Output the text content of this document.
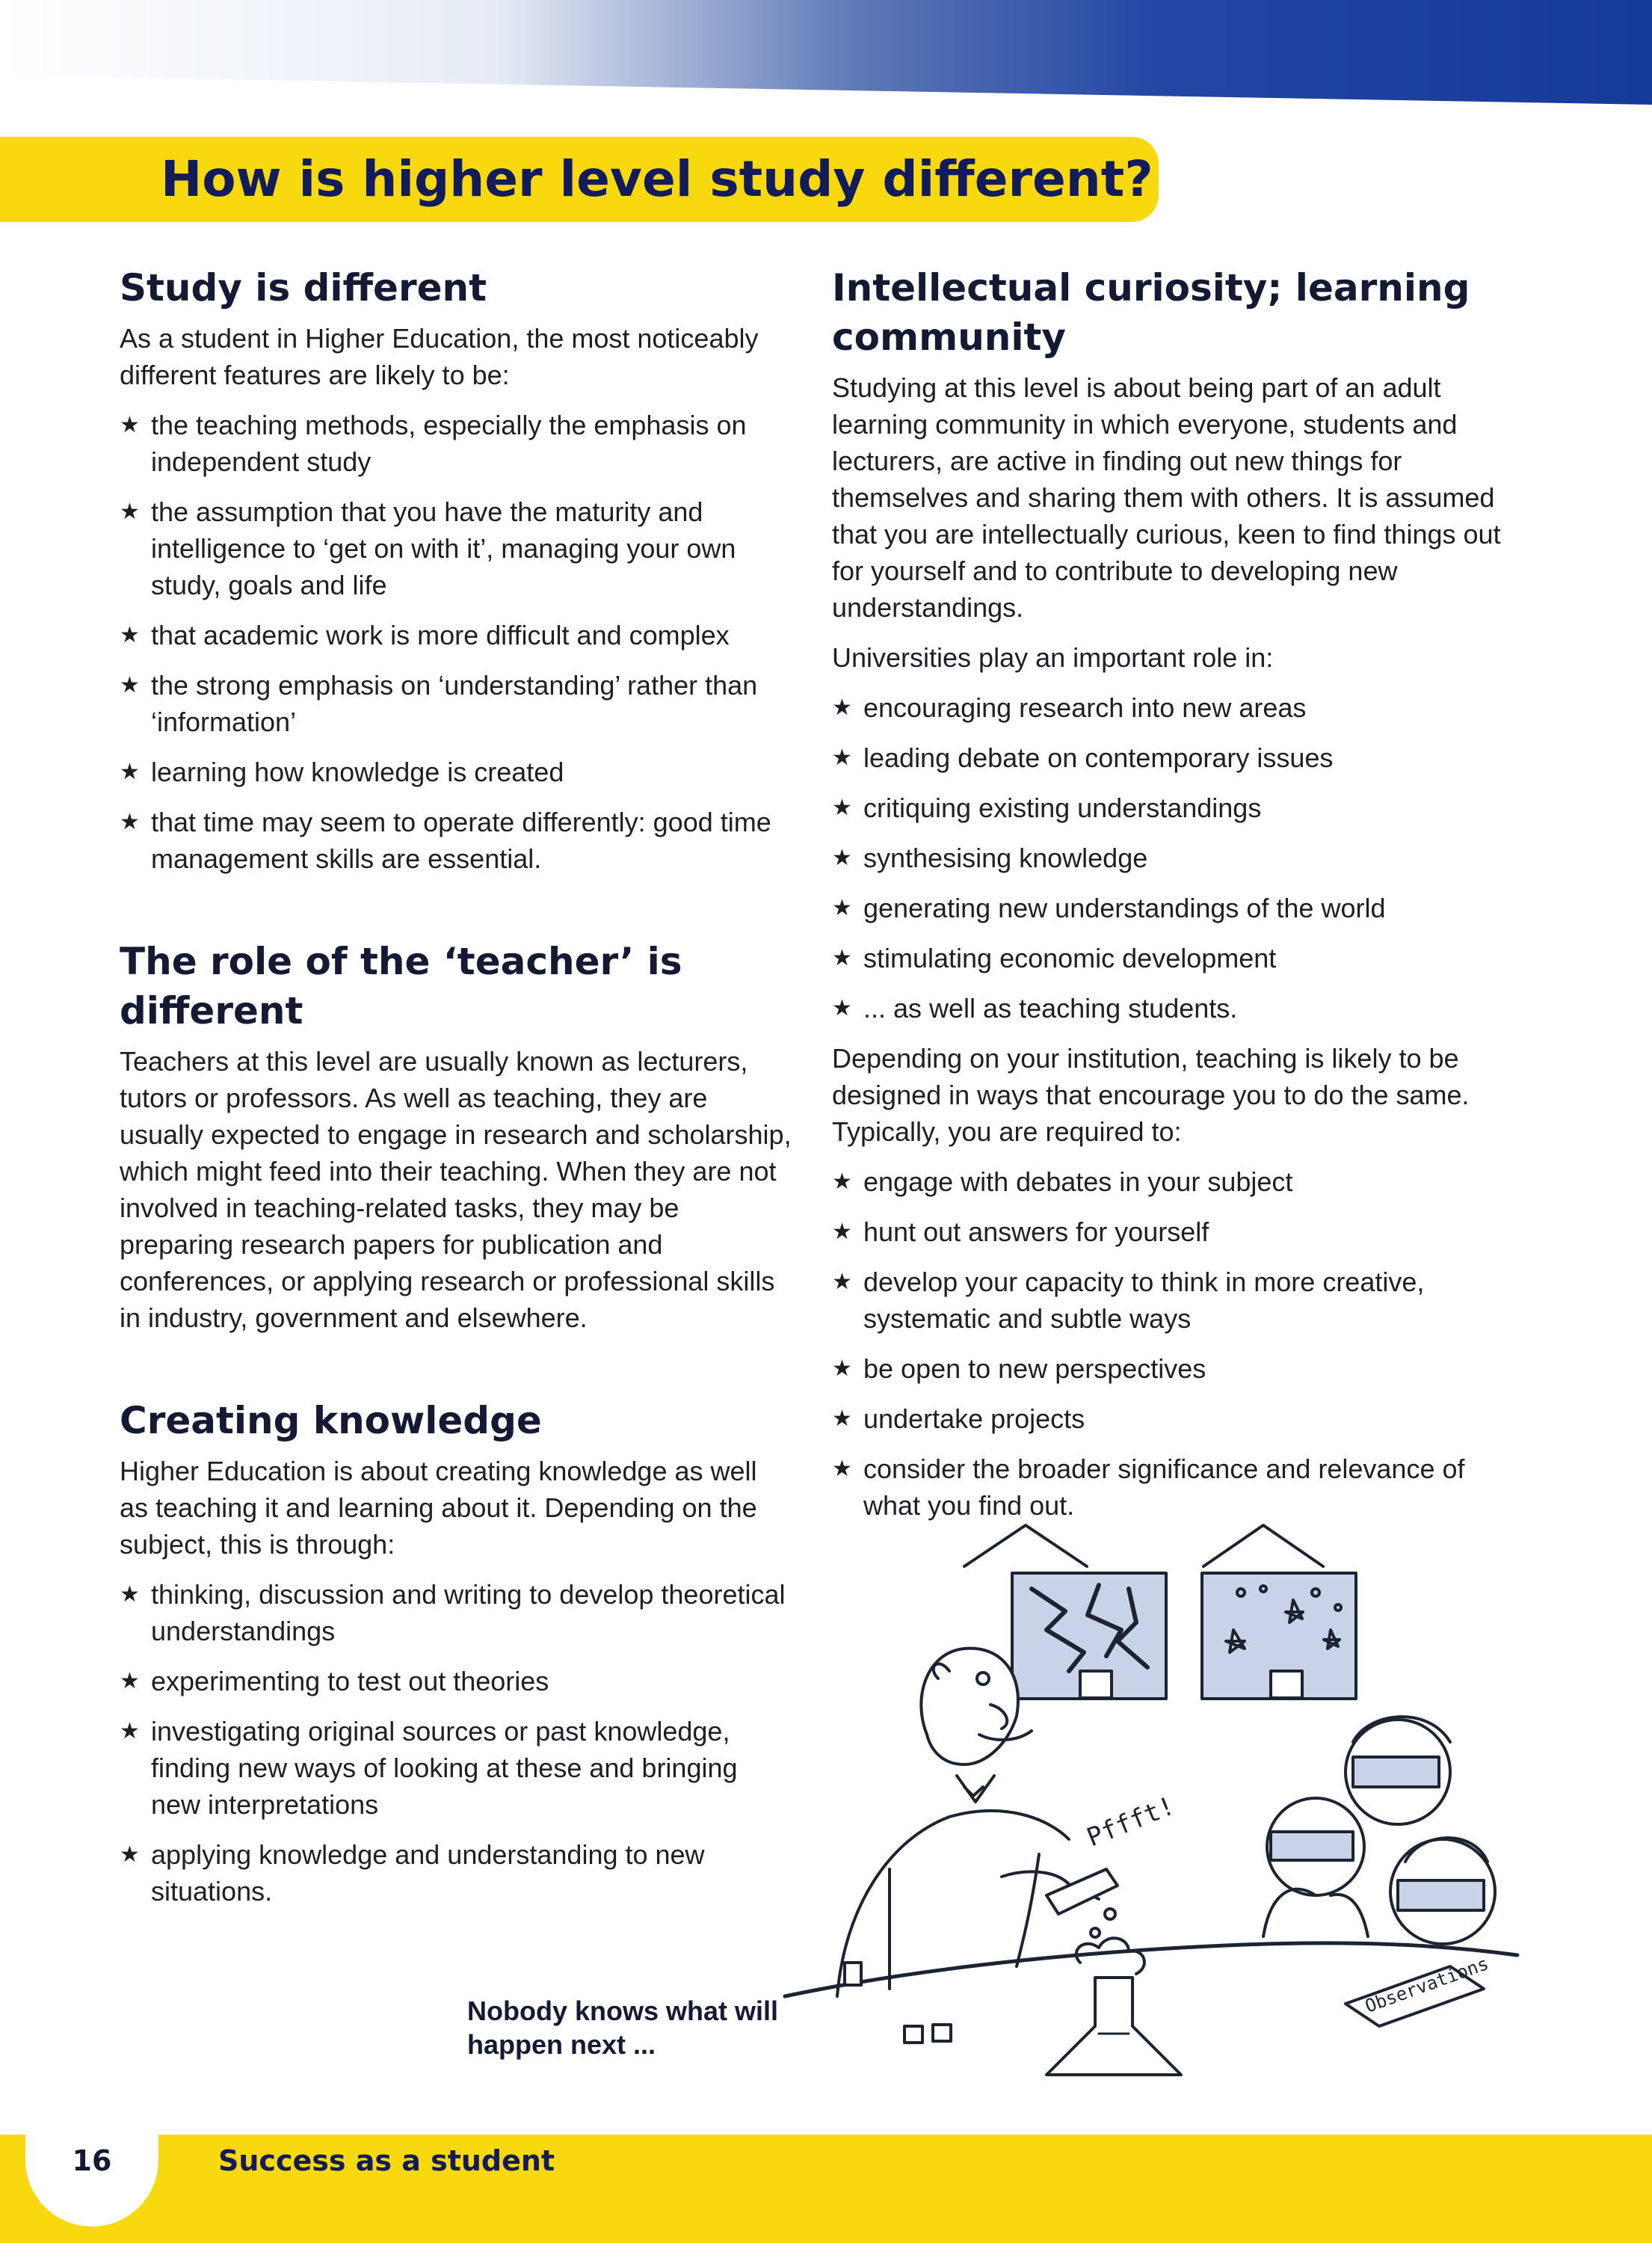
How is higher level study different?
Study is different

As a student in Higher Education, the most noticeably different features are likely to be:

★ the teaching methods, especially the emphasis on independent study
★ the assumption that you have the maturity and intelligence to ‘get on with it’, managing your own study, goals and life
★ that academic work is more difficult and complex
★ the strong emphasis on ‘understanding’ rather than ‘information’
★ learning how knowledge is created
★ that time may seem to operate differently: good time management skills are essential.
The role of the ‘teacher’ is different

Teachers at this level are usually known as lecturers, tutors or professors. As well as teaching, they are usually expected to engage in research and scholarship, which might feed into their teaching. When they are not involved in teaching-related tasks, they may be preparing research papers for publication and conferences, or applying research or professional skills in industry, government and elsewhere.

Creating knowledge

Higher Education is about creating knowledge as well as teaching it and learning about it. Depending on the subject, this is through:

★ thinking, discussion and writing to develop theoretical understandings
★ experimenting to test out theories
★ investigating original sources or past knowledge, finding new ways of looking at these and bringing new interpretations
★ applying knowledge and understanding to new situations.
Intellectual curiosity; learning community

Studying at this level is about being part of an adult learning community in which everyone, students and lecturers, are active in finding out new things for themselves and sharing them with others. It is assumed that you are intellectually curious, keen to find things out for yourself and to contribute to developing new understandings.

Universities play an important role in:

★ encouraging research into new areas
★ leading debate on contemporary issues
★ critiquing existing understandings
★ synthesising knowledge
★ generating new understandings of the world
★ stimulating economic development
★ ... as well as teaching students.

Depending on your institution, teaching is likely to be designed in ways that encourage you to do the same. Typically, you are required to:

★ engage with debates in your subject
★ hunt out answers for yourself
★ develop your capacity to think in more creative, systematic and subtle ways
★ be open to new perspectives
★ undertake projects
★ consider the broader significance and relevance of what you find out.
Pffft!
Observations

Nobody knows what will happen next ...

16	Success as a student
